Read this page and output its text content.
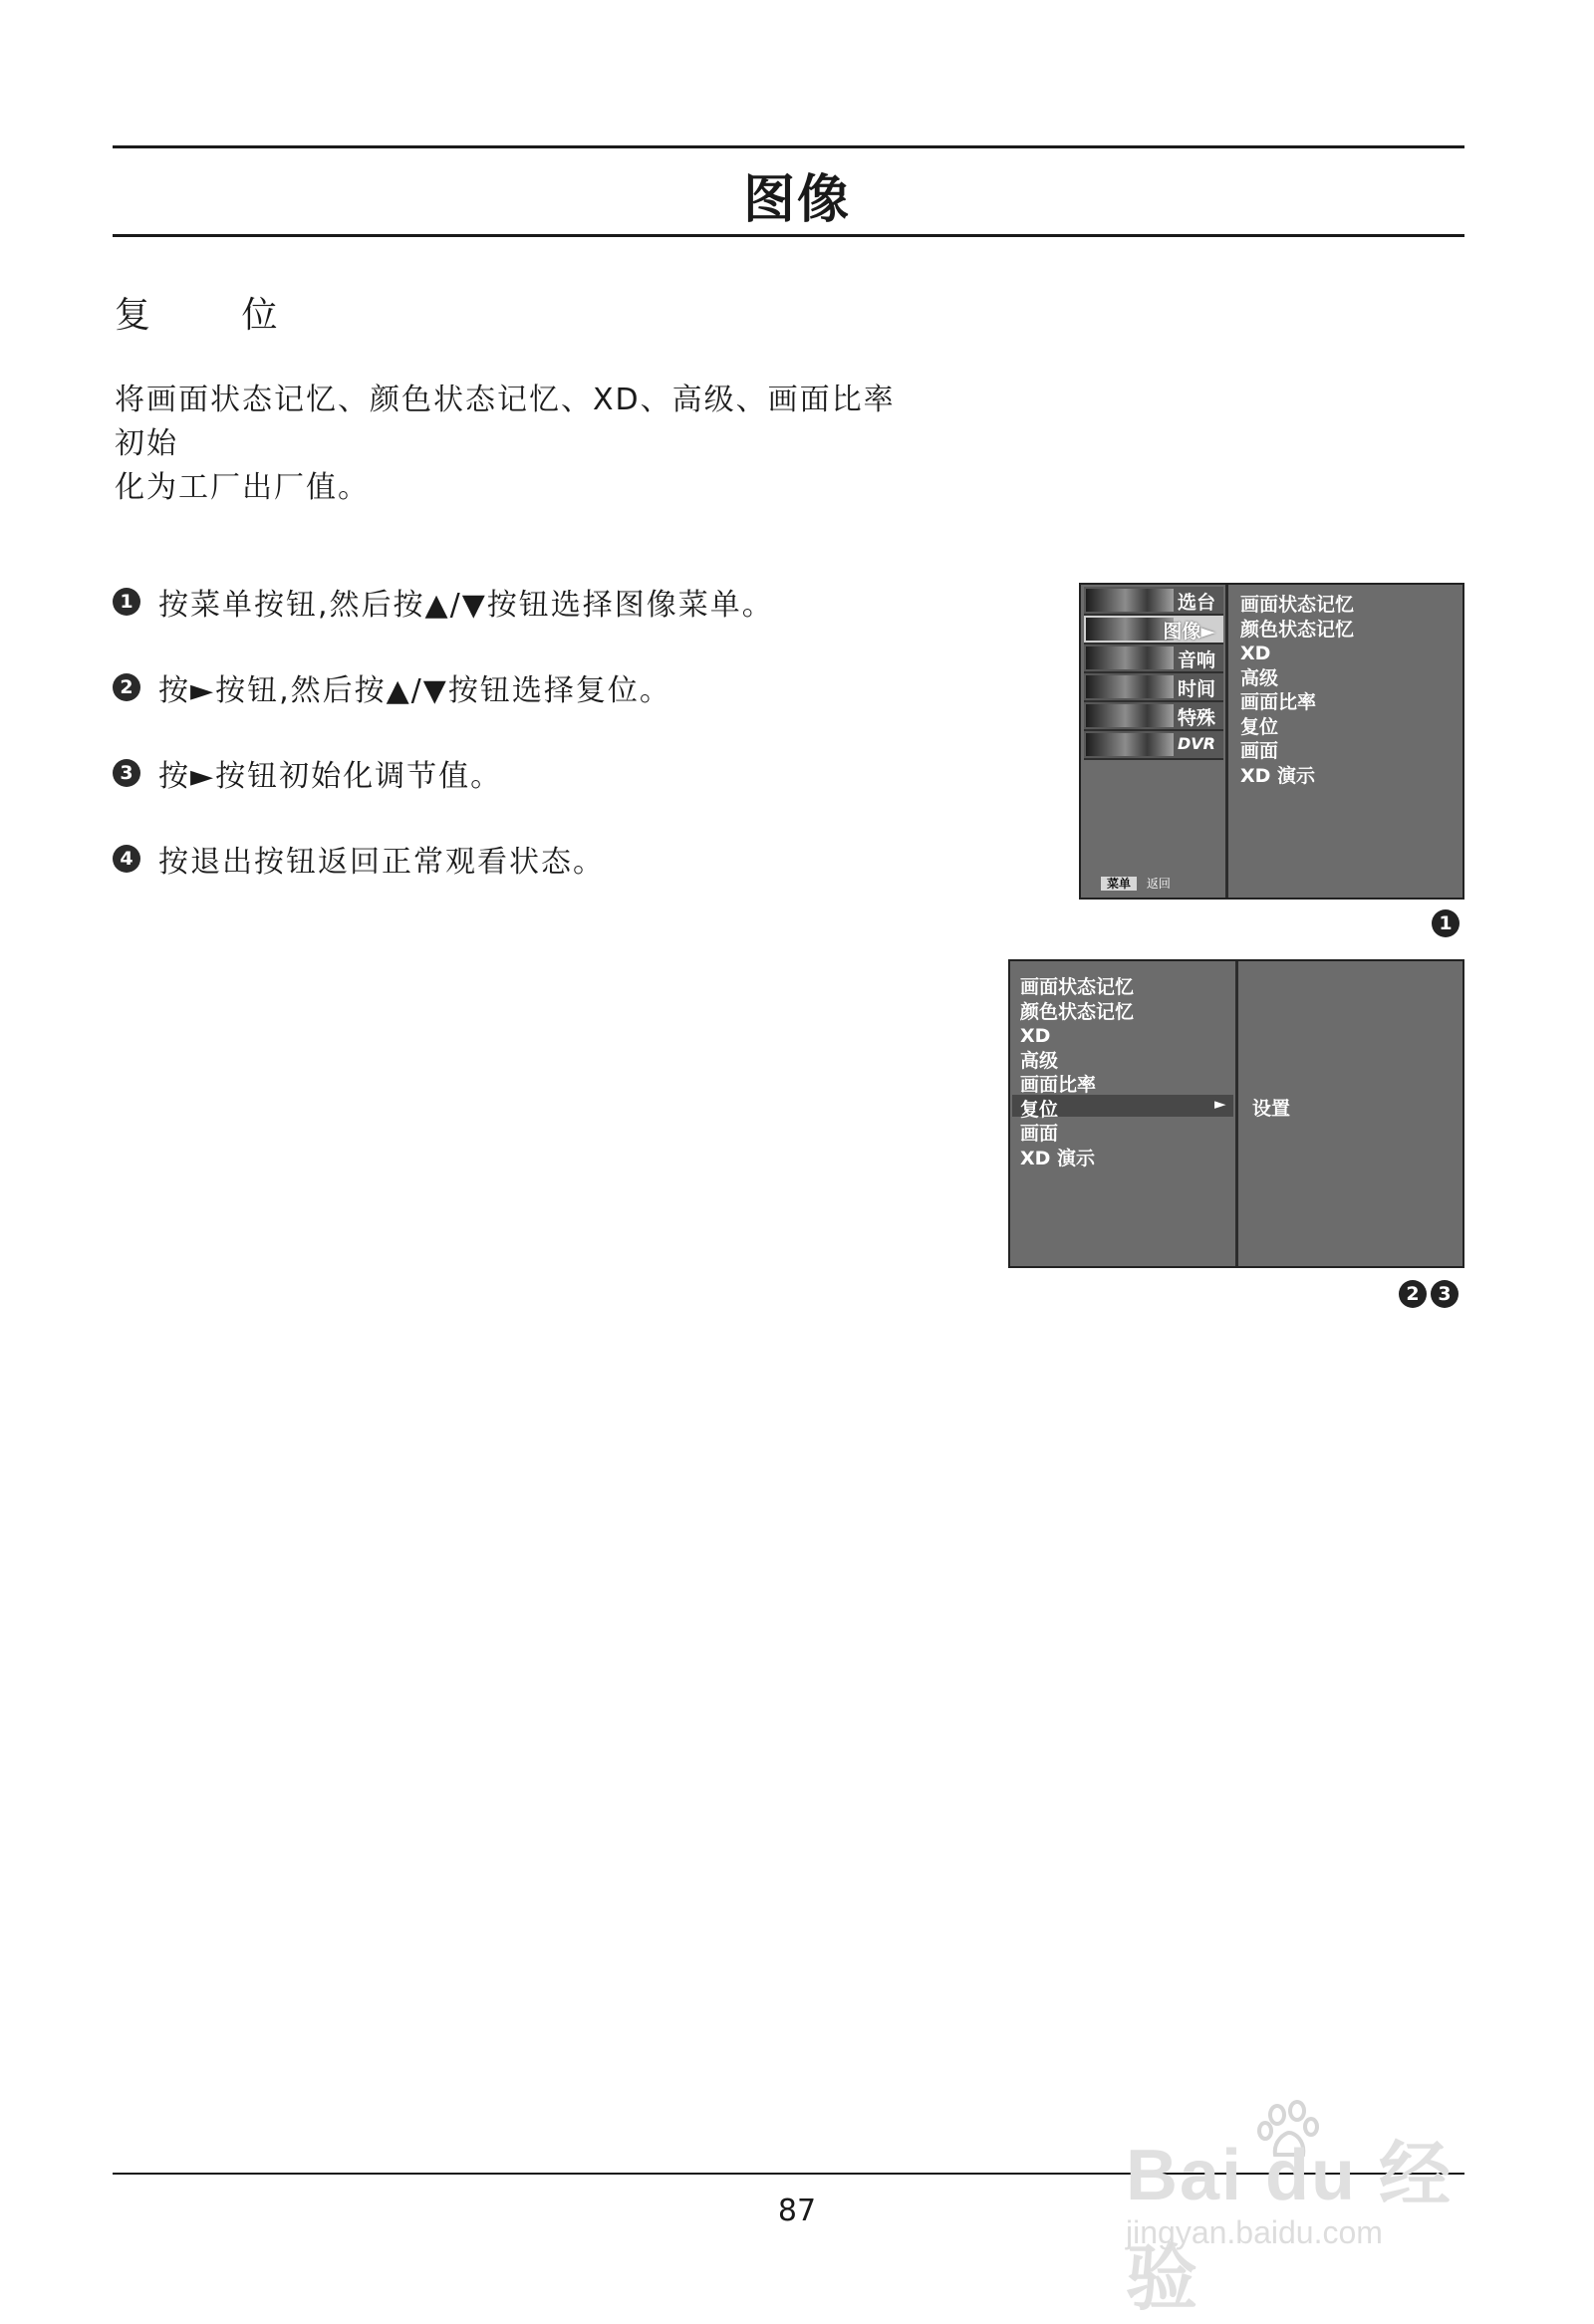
图像
复 位
将画面状态记忆、颜色状态记忆、XD、高级、画面比率初始
化为工厂出厂值。
1 按菜单按钮,然后按▲/▼按钮选择图像菜单。
2 按►按钮,然后按▲/▼按钮选择复位。
3 按►按钮初始化调节值。
4 按退出按钮返回正常观看状态。
选台
图像►
音响
时间
特殊
DVR
菜单 返回
画面状态记忆
颜色状态记忆
XD
高级
画面比率
复位
画面
XD 演示
1
画面状态记忆
颜色状态记忆
XD
高级
画面比率
复位
画面
XD 演示
► 设置
2 3
87	Bai du 经验
jingyan.baidu.com
